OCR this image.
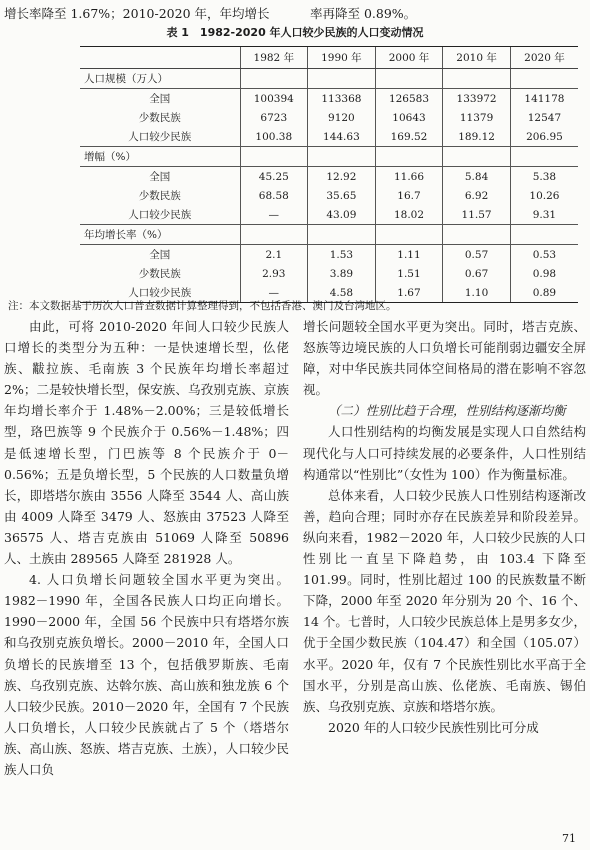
增长率降至 1.67%；2010-2020 年，年均增长	率再降至 0.89%。
表 1　1982-2020 年人口较少民族的人口变动情况
	1982 年	1990 年	2000 年	2010 年	2020 年
人口规模（万人）					
全国	100394	113368	126583	133972	141178
少数民族	6723	9120	10643	11379	12547
人口较少民族	100.38	144.63	169.52	189.12	206.95
增幅（%）					
全国	45.25	12.92	11.66	5.84	5.38
少数民族	68.58	35.65	16.7	6.92	10.26
人口较少民族	—	43.09	18.02	11.57	9.31
年均增长率（%）					
全国	2.1	1.53	1.11	0.57	0.53
少数民族	2.93	3.89	1.51	0.67	0.98
人口较少民族	—	4.58	1.67	1.10	0.89
注：本文数据基于历次人口普查数据计算整理得到，不包括香港、澳门及台湾地区。

由此，可将 2010-2020 年间人口较少民族人口增长的类型分为五种：一是快速增长型，仫佬族、黻拉族、毛南族 3 个民族年均增长率超过 2%；二是较快增长型，保安族、乌孜别克族、京族年均增长率介于 1.48%－2.00%；三是较低增长型，珞巴族等 9 个民族介于 0.56%－1.48%；四是低速增长型，门巴族等 8 个民族介于 0－0.56%；五是负增长型，5 个民族的人口数量负增长，即塔塔尔族由 3556 人降至 3544 人、高山族由 4009 人降至 3479 人、怒族由 37523 人降至 36575 人、塔吉克族由 51069 人降至 50896 人、土族由 289565 人降至 281928 人。

4. 人口负增长问题较全国水平更为突出。1982－1990 年，全国各民族人口均正向增长。1990－2000 年，全国 56 个民族中只有塔塔尔族和乌孜别克族负增长。2000－2010 年，全国人口负增长的民族增至 13 个，包括俄罗斯族、毛南族、乌孜别克族、达斡尔族、高山族和独龙族 6 个人口较少民族。2010－2020 年，全国有 7 个民族人口负增长，人口较少民族就占了 5 个（塔塔尔族、高山族、怒族、塔吉克族、土族），人口较少民族人口负

增长问题较全国水平更为突出。同时，塔吉克族、怒族等边境民族的人口负增长可能削弱边疆安全屏障，对中华民族共同体空间格局的潜在影响不容忽视。

（二）性别比趋于合理，性别结构逐渐均衡

人口性别结构的均衡发展是实现人口自然结构现代化与人口可持续发展的必要条件，人口性别结构通常以“性别比”（女性为 100）作为衡量标准。

总体来看，人口较少民族人口性别结构逐渐改善，趋向合理；同时亦存在民族差异和阶段差异。纵向来看，1982－2020 年，人口较少民族的人口性别比一直呈下降趋势，由 103.4 下降至 101.99。同时，性别比超过 100 的民族数量不断下降，2000 年至 2020 年分别为 20 个、16 个、14 个。七普时，人口较少民族总体上是男多女少，优于全国少数民族（104.47）和全国（105.07）水平。2020 年，仅有 7 个民族性别比水平高于全国水平，分别是高山族、仫佬族、毛南族、锡伯族、乌孜别克族、京族和塔塔尔族。

2020 年的人口较少民族性别比可分成

71
